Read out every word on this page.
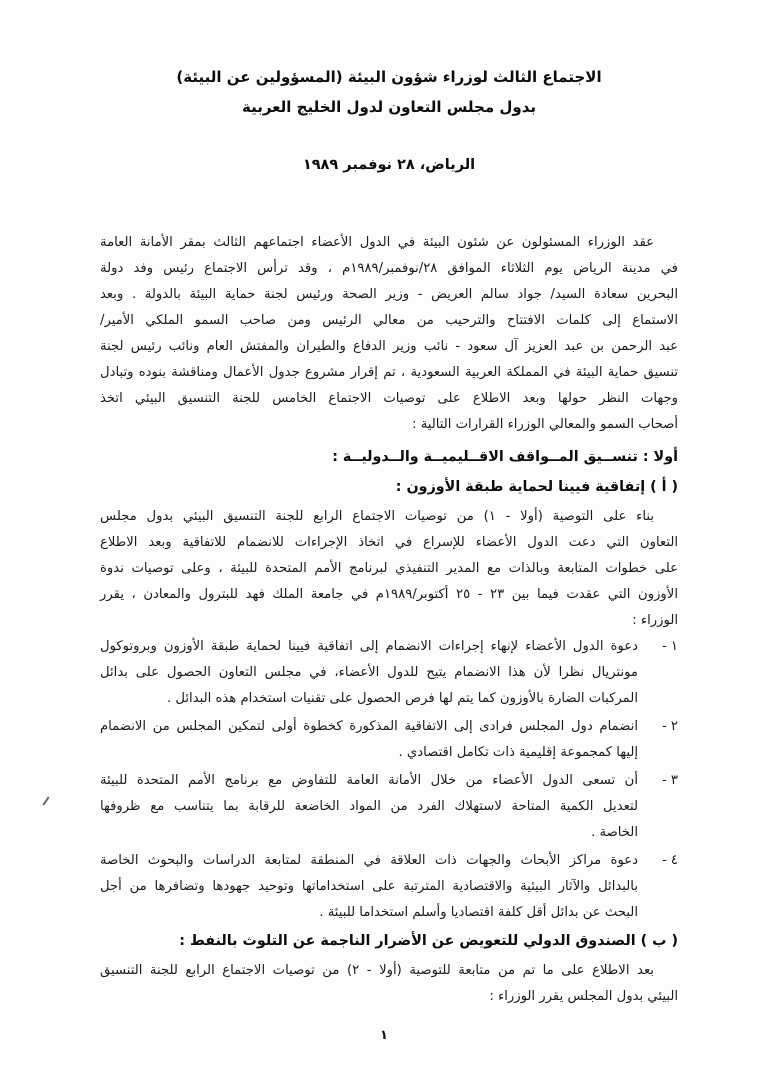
الاجتماع الثالث لوزراء شؤون البيئة (المسؤولين عن البيئة)
بدول مجلس التعاون لدول الخليج العربية
الرياض، ٢٨ نوفمبر ١٩٨٩
عقد الوزراء المسئولون عن شئون البيئة في الدول الأعضاء اجتماعهم الثالث بمقر الأمانة العامة
في مدينة الرياض يوم الثلاثاء الموافق ٢٨/نوفمبر/١٩٨٩م ، وقد ترأس الاجتماع رئيس وفد دولة
البحرين سعادة السيد/ جواد سالم العريض - وزير الصحة ورئيس لجنة حماية البيئة بالدولة . وبعد
الاستماع إلى كلمات الافتتاح والترحيب من معالي الرئيس ومن صاحب السمو الملكي الأمير/
عبد الرحمن بن عبد العزيز آل سعود - نائب وزير الدفاع والطيران والمفتش العام ونائب رئيس لجنة
تنسيق حماية البيئة في المملكة العربية السعودية ، تم إقرار مشروع جدول الأعمال ومناقشة بنوده وتبادل
وجهات النظر حولها وبعد الاطلاع على توصيات الاجتماع الخامس للجنة التنسيق البيئي اتخذ
أصحاب السمو والمعالي الوزراء القرارات التالية :
أولا : تنســيق المــواقف الاقــليميــة والــدوليــة :
( أ ) إتفاقية فيينا لحماية طبقة الأوزون :
بناء على التوصية (أولا - ١) من توصيات الاجتماع الرابع للجنة التنسيق البيئي بدول مجلس
التعاون التي دعت الدول الأعضاء للإسراع في اتخاذ الإجراءات للانضمام للاتفاقية وبعد الاطلاع
على خطوات المتابعة وبالذات مع المدير التنفيذي لبرنامج الأمم المتحدة للبيئة ، وعلى توصيات ندوة
الأوزون التي عقدت فيما بين ٢٣ - ٢٥ أكتوبر/١٩٨٩م في جامعة الملك فهد للبترول والمعادن ، يقرر
الوزراء :
١ -
دعوة الدول الأعضاء لإنهاء إجراءات الانضمام إلى اتفاقية فيينا لحماية طبقة الأوزون وبروتوكول
مونتريال نظرا لأن هذا الانضمام يتيح للدول الأعضاء، في مجلس التعاون الحصول على بدائل
المركبات الضارة بالأوزون كما يتم لها فرص الحصول على تقنيات استخدام هذه البدائل .
٢ -
انضمام دول المجلس فرادى إلى الاتفاقية المذكورة كخطوة أولى لتمكين المجلس من الانضمام
إليها كمجموعة إقليمية ذات تكامل اقتصادي .
٣ -
أن تسعى الدول الأعضاء من خلال الأمانة العامة للتفاوض مع برنامج الأمم المتحدة للبيئة
لتعديل الكمية المتاحة لاستهلاك الفرد من المواد الخاضعة للرقابة بما يتناسب مع ظروفها
الخاصة .
٤ -
دعوة مراكز الأبحاث والجهات ذات العلاقة في المنطقة لمتابعة الدراسات والبحوث الخاصة
بالبدائل والآثار البيئية والاقتصادية المترتبة على استخداماتها وتوحيد جهودها وتضافرها من أجل
البحث عن بدائل أقل كلفة اقتصاديا وأسلم استخداما للبيئة .
( ب ) الصندوق الدولي للتعويض عن الأضرار الناجمة عن التلوث بالنفط :
بعد الاطلاع على ما تم من متابعة للتوصية (أولا - ٢) من توصيات الاجتماع الرابع للجنة التنسيق
البيئي بدول المجلس يقرر الوزراء :
١
